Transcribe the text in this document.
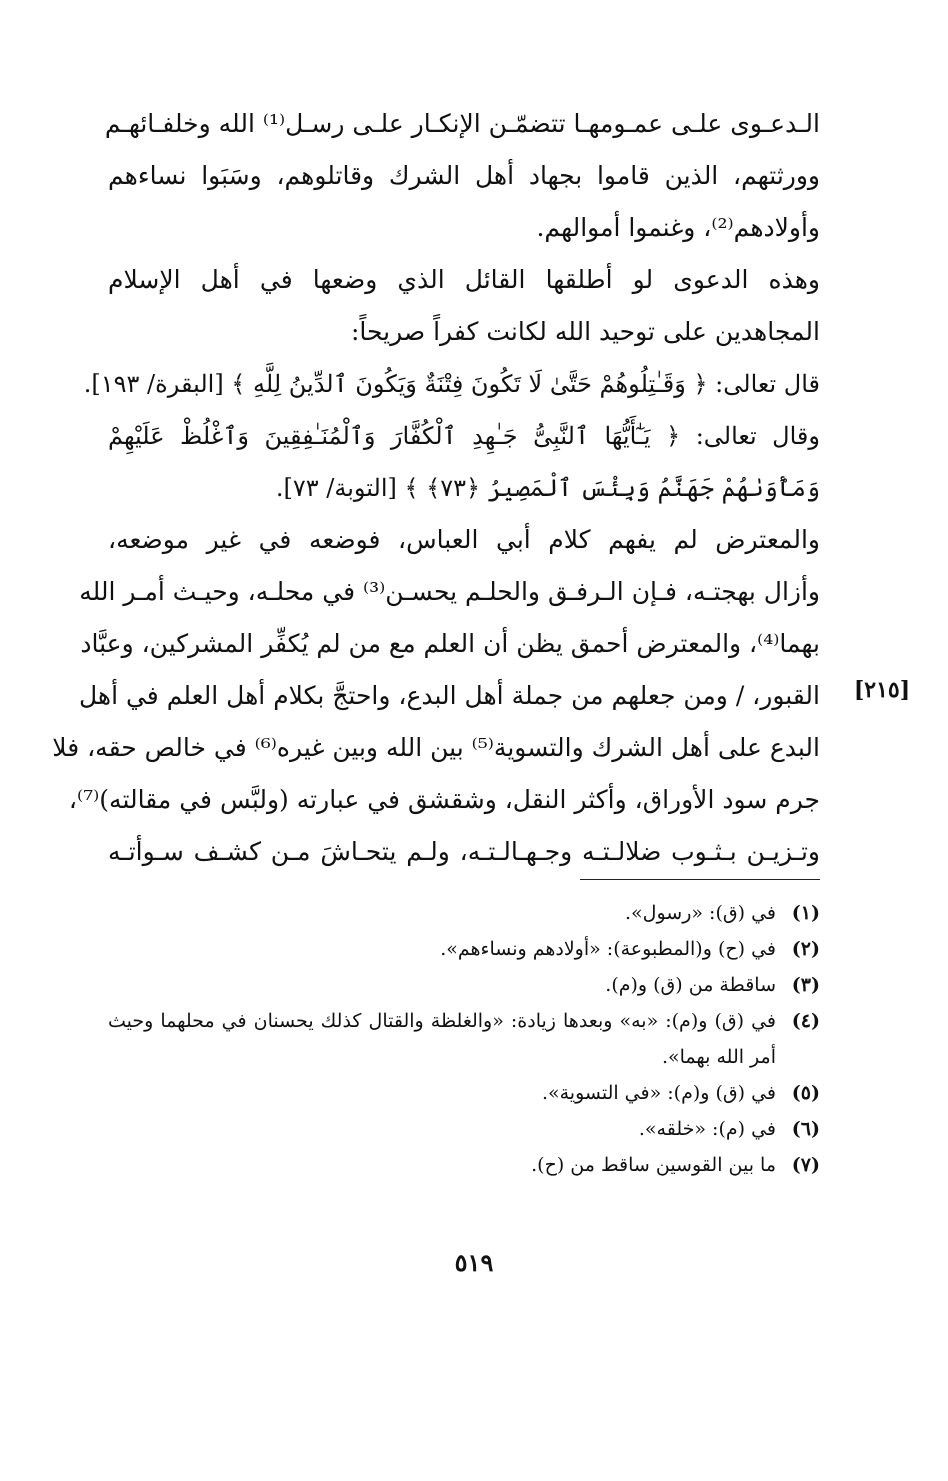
الـدعـوى علـى عمـومهـا تتضمّـن الإنكـار علـى رسـل⁽¹⁾ الله وخلفـائهـم
وورثتهم، الذين قاموا بجهاد أهل الشرك وقاتلوهم، وسَبَوا نساءهم
وأولادهم⁽²⁾، وغنموا أموالهم.
وهذه الدعوى لو أطلقها القائل الذي وضعها في أهل الإسلام
المجاهدين على توحيد الله لكانت كفراً صريحاً:
قال تعالى: ﴿ وَقَـٰتِلُوهُمْ حَتَّىٰ لَا تَكُونَ فِتْنَةٌ وَيَكُونَ ٱلدِّينُ لِلَّهِ ﴾ [البقرة/ ١٩٣].
وقال تعالى: ﴿ يَـٰٓأَيُّهَا ٱلنَّبِىُّ جَـٰهِدِ ٱلْكُفَّارَ وَٱلْمُنَـٰفِقِينَ وَٱغْلُظْ عَلَيْهِمْ
وَمَأْوَىٰهُمْ جَهَنَّمُ وَبِئْسَ ٱلْمَصِيرُ ﴿٧٣﴾ ﴾ [التوبة/ ٧٣].
والمعترض لم يفهم كلام أبي العباس، فوضعه في غير موضعه،
وأزال بهجتـه، فـإن الـرفـق والحلـم يحسـن⁽³⁾ في محلـه، وحيـث أمـر الله
بهما⁽⁴⁾، والمعترض أحمق يظن أن العلم مع من لم يُكفِّر المشركين، وعبَّاد
القبور، / ومن جعلهم من جملة أهل البدع، واحتجَّ بكلام أهل العلم في أهل
البدع على أهل الشرك والتسوية⁽⁵⁾ بين الله وبين غيره⁽⁶⁾ في خالص حقه، فلا
جرم سود الأوراق، وأكثر النقل، وشقشق في عبارته (ولبَّس في مقالته)⁽⁷⁾،
وتـزيـن بـثـوب ضلالـتـه وجـهـالـتـه، ولـم يتحـاشَ مـن كشـف سـوأتـه
[٢١٥]
(١)
في (ق): «رسول».
(٢)
في (ح) و(المطبوعة): «أولادهم ونساءهم».
(٣)
ساقطة من (ق) و(م).
(٤)
في (ق) و(م): «به» وبعدها زيادة: «والغلظة والقتال كذلك يحسنان في محلهما وحيث أمر الله بهما».
(٥)
في (ق) و(م): «في التسوية».
(٦)
في (م): «خلقه».
(٧)
ما بين القوسين ساقط من (ح).
٥١٩
